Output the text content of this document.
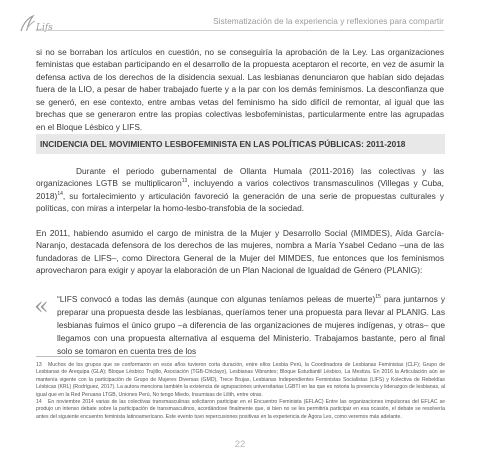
Lifs
Sistematización de la experiencia y reflexiones para compartir

si no se borraban los artículos en cuestión, no se conseguiría la aprobación de la Ley. Las organizaciones feministas que estaban participando en el desarrollo de la propuesta aceptaron el recorte, en vez de asumir la defensa activa de los derechos de la disidencia sexual. Las lesbianas denunciaron que habían sido dejadas fuera de la LIO, a pesar de haber trabajado fuerte y a la par con los demás feminismos. La desconfianza que se generó, en ese contexto, entre ambas vetas del feminismo ha sido difícil de remontar, al igual que las brechas que se generaron entre las propias colectivas lesbofeministas, particularmente entre las agrupadas en el Bloque Lésbico y LIFS.

INCIDENCIA DEL MOVIMIENTO LESBOFEMINISTA EN LAS POLÍTICAS PÚBLICAS: 2011-2018

Durante el periodo gubernamental de Ollanta Humala (2011-2016) las colectivas y las organizaciones LGTB se multiplicaron$^{13}$, incluyendo a varios colectivos transmasculinos (Villegas y Cuba, 2018)$^{14}$, su fortalecimiento y articulación favoreció la generación de una serie de propuestas culturales y políticas, con miras a interpelar la homo-lesbo-transfobia de la sociedad.

En 2011, habiendo asumido el cargo de ministra de la Mujer y Desarrollo Social (MIMDES), Aída García-Naranjo, destacada defensora de los derechos de las mujeres, nombra a María Ysabel Cedano –una de las fundadoras de LIFS–, como Directora General de la Mujer del MIMDES, fue entonces que los feminismos aprovecharon para exigir y apoyar la elaboración de un Plan Nacional de Igualdad de Género (PLANIG):

« “LIFS convocó a todas las demás (aunque con algunas teníamos peleas de muerte)$^{15}$ para juntarnos y preparar una propuesta desde las lesbianas, queríamos tener una propuesta para llevar al PLANIG. Las lesbianas fuimos el único grupo –a diferencia de las organizaciones de mujeres indígenas, y otras– que llegamos con una propuesta alternativa al esquema del Ministerio. Trabajamos bastante, pero al final solo se tomaron en cuenta tres de los

13 Muchos de los grupos que se conformaron en esos años tuvieron corta duración, entre ellos Lesbia Perú, la Coordinadora de Lesbianas Feministas (CLF); Grupo de Lesbianas de Arequipa (GLA); Bloque Lésbico Trujillo, Asociación (TGB-Chiclayo), Lesbianas Vibrantes; Bloque Estudiantil Lésbico, La Mestiza. En 2016 la Articulación aún se mantenía vigente con la participación de Grupo de Mujeres Diversas (GMD), Trece Brujas, Lesbianas Independientes Feministas Socialistas (LIFS) y Kolectiva de Rebeldías Lésbicas (KRL) (Rodríguez, 2017). La autora menciona también la existencia de agrupaciones universitarias LGBTI en las que es notoria la presencia y liderazgos de lesbianas, al igual que en la Red Peruana LTGB, Uniones Perú, No tengo Miedo, Insumisas de Lilith, entre otras.

14 En noviembre 2014 varias de las colectivas transmasculinas solicitaron participar en el Encuentro Feminista (EFLAC) Entre las organizaciones impulsoras del EFLAC se produjo un intenso debate sobre la participación de transmasculinos, acordándose finalmente que, si bien no se les permitiría participar en esa ocasión, el debate se resolvería antes del siguiente encuentro feminista latinoamericano. Este evento tuvo repercusiones positivas en la experiencia de Ágora Les, como veremos más adelante.

22
